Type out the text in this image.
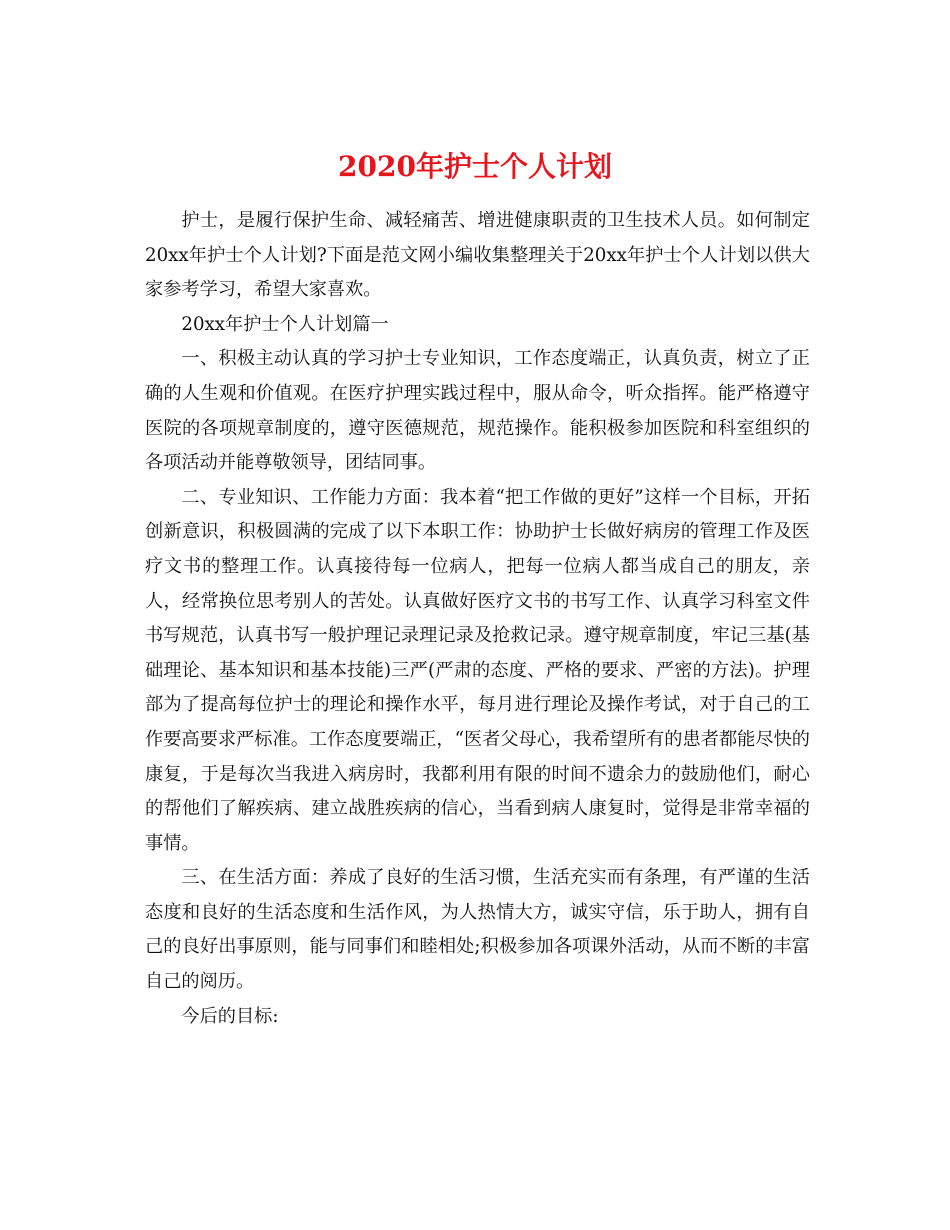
2020年护士个人计划

护士，是履行保护生命、减轻痛苦、增进健康职责的卫生技术人员。如何制定20xx年护士个人计划?下面是范文网小编收集整理关于20xx年护士个人计划以供大家参考学习，希望大家喜欢。

20xx年护士个人计划篇一

一、积极主动认真的学习护士专业知识，工作态度端正，认真负责，树立了正确的人生观和价值观。在医疗护理实践过程中，服从命令，听众指挥。能严格遵守医院的各项规章制度的，遵守医德规范，规范操作。能积极参加医院和科室组织的各项活动并能尊敬领导，团结同事。

二、专业知识、工作能力方面：我本着“把工作做的更好”这样一个目标，开拓创新意识，积极圆满的完成了以下本职工作：协助护士长做好病房的管理工作及医疗文书的整理工作。认真接待每一位病人，把每一位病人都当成自己的朋友，亲人，经常换位思考别人的苦处。认真做好医疗文书的书写工作、认真学习科室文件书写规范，认真书写一般护理记录理记录及抢救记录。遵守规章制度，牢记三基(基础理论、基本知识和基本技能)三严(严肃的态度、严格的要求、严密的方法)。护理部为了提高每位护士的理论和操作水平，每月进行理论及操作考试，对于自己的工作要高要求严标准。工作态度要端正，“医者父母心，我希望所有的患者都能尽快的康复，于是每次当我进入病房时，我都利用有限的时间不遗余力的鼓励他们，耐心的帮他们了解疾病、建立战胜疾病的信心，当看到病人康复时，觉得是非常幸福的事情。

三、在生活方面：养成了良好的生活习惯，生活充实而有条理，有严谨的生活态度和良好的生活态度和生活作风，为人热情大方，诚实守信，乐于助人，拥有自己的良好出事原则，能与同事们和睦相处;积极参加各项课外活动，从而不断的丰富自己的阅历。

今后的目标:
